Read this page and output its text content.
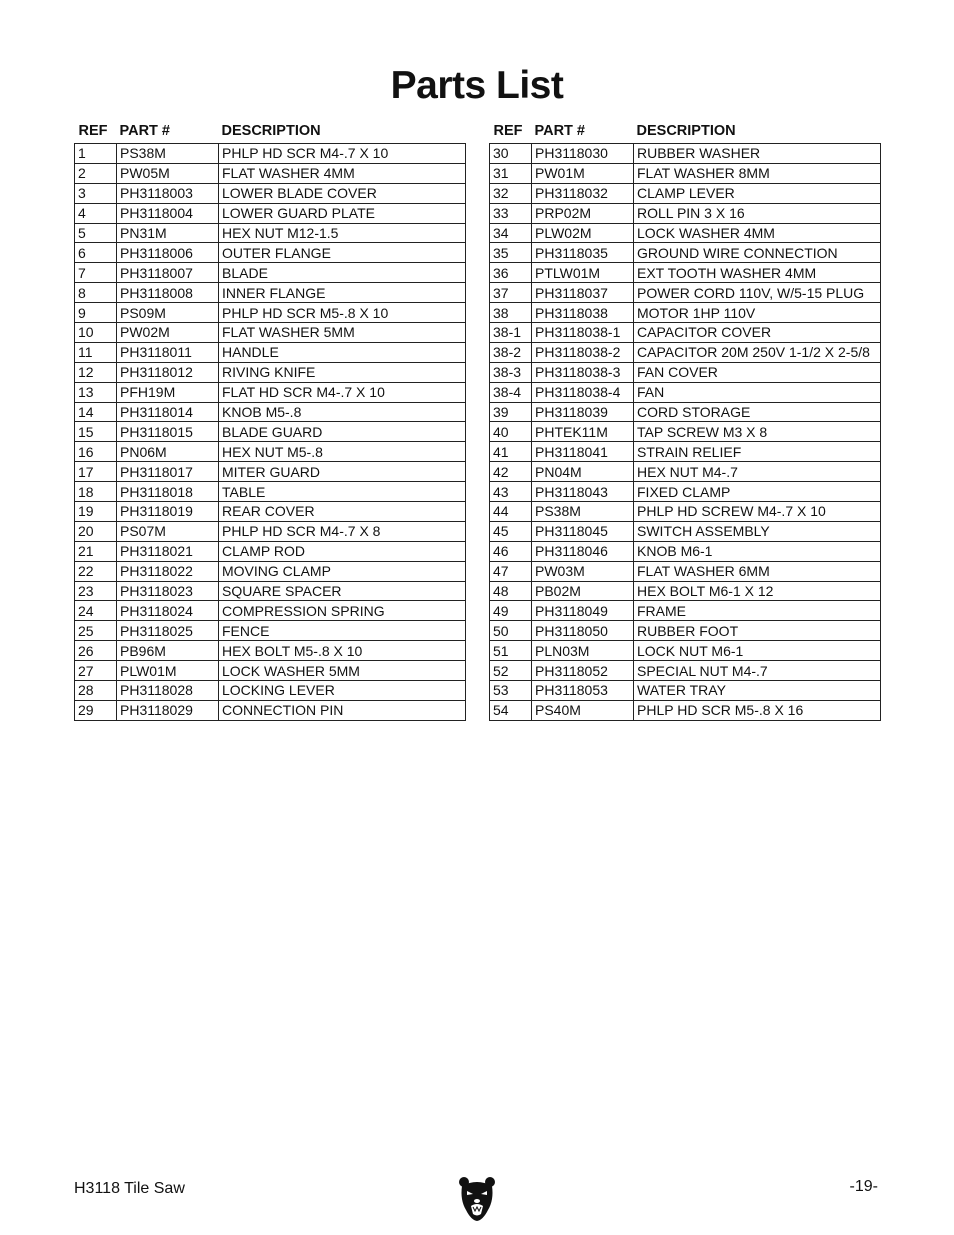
Parts List
REF	PART #	DESCRIPTION
1	PS38M	PHLP HD SCR M4-.7 X 10
2	PW05M	FLAT WASHER 4MM
3	PH3118003	LOWER BLADE COVER
4	PH3118004	LOWER GUARD PLATE
5	PN31M	HEX NUT M12-1.5
6	PH3118006	OUTER FLANGE
7	PH3118007	BLADE
8	PH3118008	INNER FLANGE
9	PS09M	PHLP HD SCR M5-.8 X 10
10	PW02M	FLAT WASHER 5MM
11	PH3118011	HANDLE
12	PH3118012	RIVING KNIFE
13	PFH19M	FLAT HD SCR M4-.7 X 10
14	PH3118014	KNOB M5-.8
15	PH3118015	BLADE GUARD
16	PN06M	HEX NUT M5-.8
17	PH3118017	MITER GUARD
18	PH3118018	TABLE
19	PH3118019	REAR COVER
20	PS07M	PHLP HD SCR M4-.7 X 8
21	PH3118021	CLAMP ROD
22	PH3118022	MOVING CLAMP
23	PH3118023	SQUARE SPACER
24	PH3118024	COMPRESSION SPRING
25	PH3118025	FENCE
26	PB96M	HEX BOLT M5-.8 X 10
27	PLW01M	LOCK WASHER 5MM
28	PH3118028	LOCKING LEVER
29	PH3118029	CONNECTION PIN
REF	PART #	DESCRIPTION
30	PH3118030	RUBBER WASHER
31	PW01M	FLAT WASHER 8MM
32	PH3118032	CLAMP LEVER
33	PRP02M	ROLL PIN 3 X 16
34	PLW02M	LOCK WASHER 4MM
35	PH3118035	GROUND WIRE CONNECTION
36	PTLW01M	EXT TOOTH WASHER 4MM
37	PH3118037	POWER CORD 110V, W/5-15 PLUG
38	PH3118038	MOTOR 1HP 110V
38-1	PH3118038-1	CAPACITOR COVER
38-2	PH3118038-2	CAPACITOR 20M 250V 1-1/2 X 2-5/8
38-3	PH3118038-3	FAN COVER
38-4	PH3118038-4	FAN
39	PH3118039	CORD STORAGE
40	PHTEK11M	TAP SCREW M3 X 8
41	PH3118041	STRAIN RELIEF
42	PN04M	HEX NUT M4-.7
43	PH3118043	FIXED CLAMP
44	PS38M	PHLP HD SCREW M4-.7 X 10
45	PH3118045	SWITCH ASSEMBLY
46	PH3118046	KNOB M6-1
47	PW03M	FLAT WASHER 6MM
48	PB02M	HEX BOLT M6-1 X 12
49	PH3118049	FRAME
50	PH3118050	RUBBER FOOT
51	PLN03M	LOCK NUT M6-1
52	PH3118052	SPECIAL NUT M4-.7
53	PH3118053	WATER TRAY
54	PS40M	PHLP HD SCR M5-.8 X 16
H3118 Tile Saw	-19-
